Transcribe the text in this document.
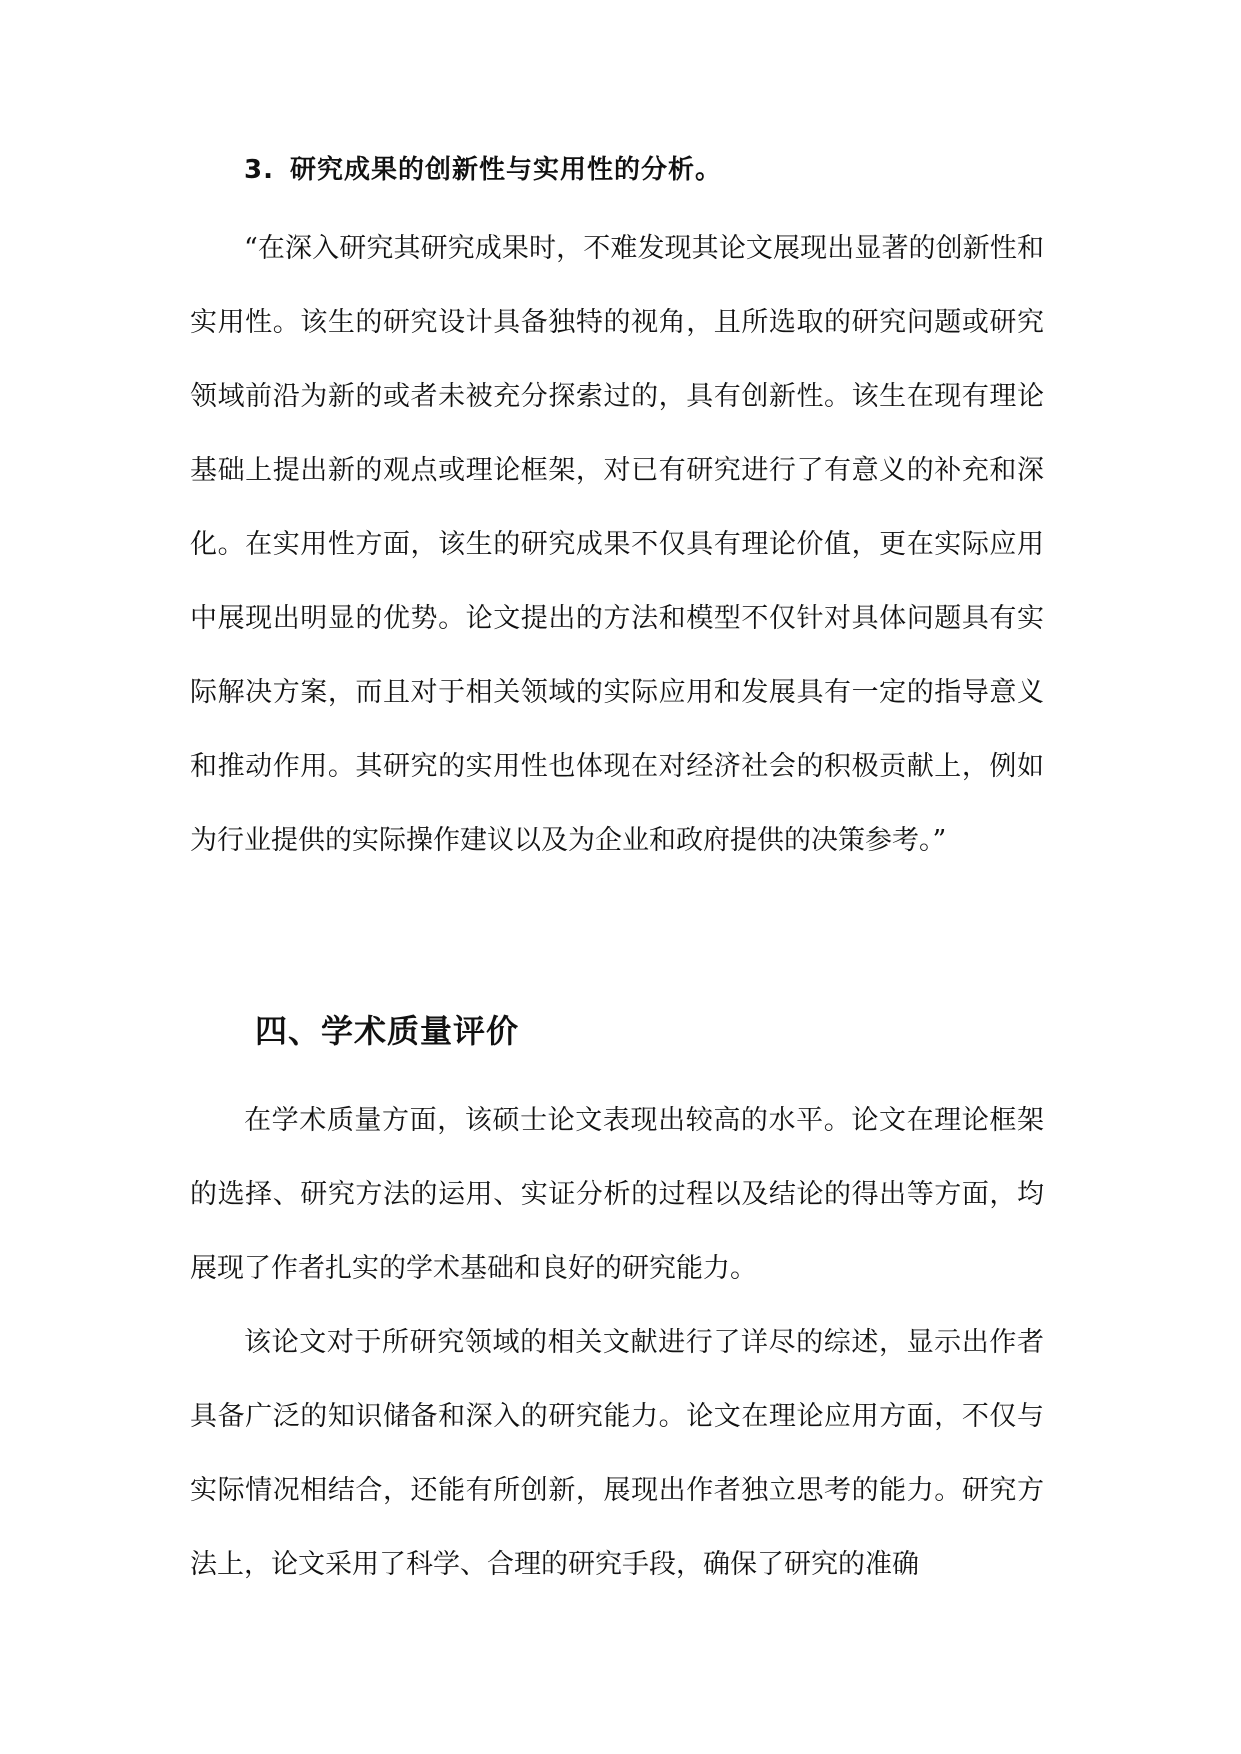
3. 研究成果的创新性与实用性的分析。

“在深入研究其研究成果时，不难发现其论文展现出显著的创新性和实用性。该生的研究设计具备独特的视角，且所选取的研究问题或研究领域前沿为新的或者未被充分探索过的，具有创新性。该生在现有理论基础上提出新的观点或理论框架，对已有研究进行了有意义的补充和深化。在实用性方面，该生的研究成果不仅具有理论价值，更在实际应用中展现出明显的优势。论文提出的方法和模型不仅针对具体问题具有实际解决方案，而且对于相关领域的实际应用和发展具有一定的指导意义和推动作用。其研究的实用性也体现在对经济社会的积极贡献上，例如为行业提供的实际操作建议以及为企业和政府提供的决策参考。”

四、学术质量评价

在学术质量方面，该硕士论文表现出较高的水平。论文在理论框架的选择、研究方法的运用、实证分析的过程以及结论的得出等方面，均展现了作者扎实的学术基础和良好的研究能力。

该论文对于所研究领域的相关文献进行了详尽的综述，显示出作者具备广泛的知识储备和深入的研究能力。论文在理论应用方面，不仅与实际情况相结合，还能有所创新，展现出作者独立思考的能力。研究方法上，论文采用了科学、合理的研究手段，确保了研究的准确
